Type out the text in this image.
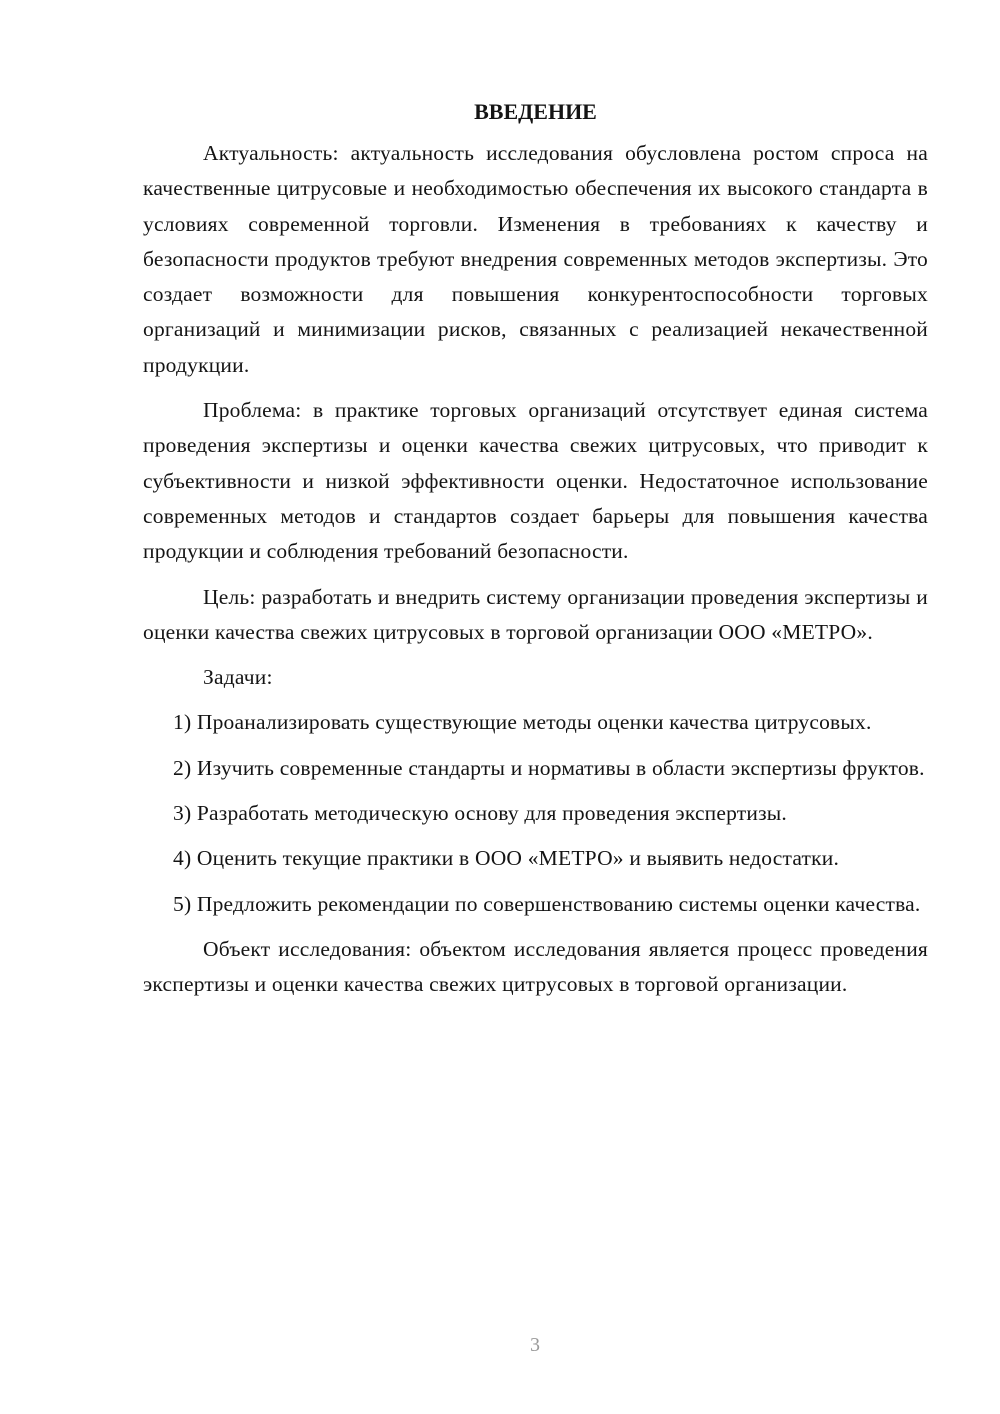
ВВЕДЕНИЕ

Актуальность: актуальность исследования обусловлена ростом спроса на качественные цитрусовые и необходимостью обеспечения их высокого стандарта в условиях современной торговли. Изменения в требованиях к качеству и безопасности продуктов требуют внедрения современных методов экспертизы. Это создает возможности для повышения конкурентоспособности торговых организаций и минимизации рисков, связанных с реализацией некачественной продукции.

Проблема: в практике торговых организаций отсутствует единая система проведения экспертизы и оценки качества свежих цитрусовых, что приводит к субъективности и низкой эффективности оценки. Недостаточное использование современных методов и стандартов создает барьеры для повышения качества продукции и соблюдения требований безопасности.

Цель: разработать и внедрить систему организации проведения экспертизы и оценки качества свежих цитрусовых в торговой организации ООО «МЕТРО».

Задачи:

1) Проанализировать существующие методы оценки качества цитрусовых.

2) Изучить современные стандарты и нормативы в области экспертизы фруктов.

3) Разработать методическую основу для проведения экспертизы.

4) Оценить текущие практики в ООО «МЕТРО» и выявить недостатки.

5) Предложить рекомендации по совершенствованию системы оценки качества.

Объект исследования: объектом исследования является процесс проведения экспертизы и оценки качества свежих цитрусовых в торговой организации.

3
